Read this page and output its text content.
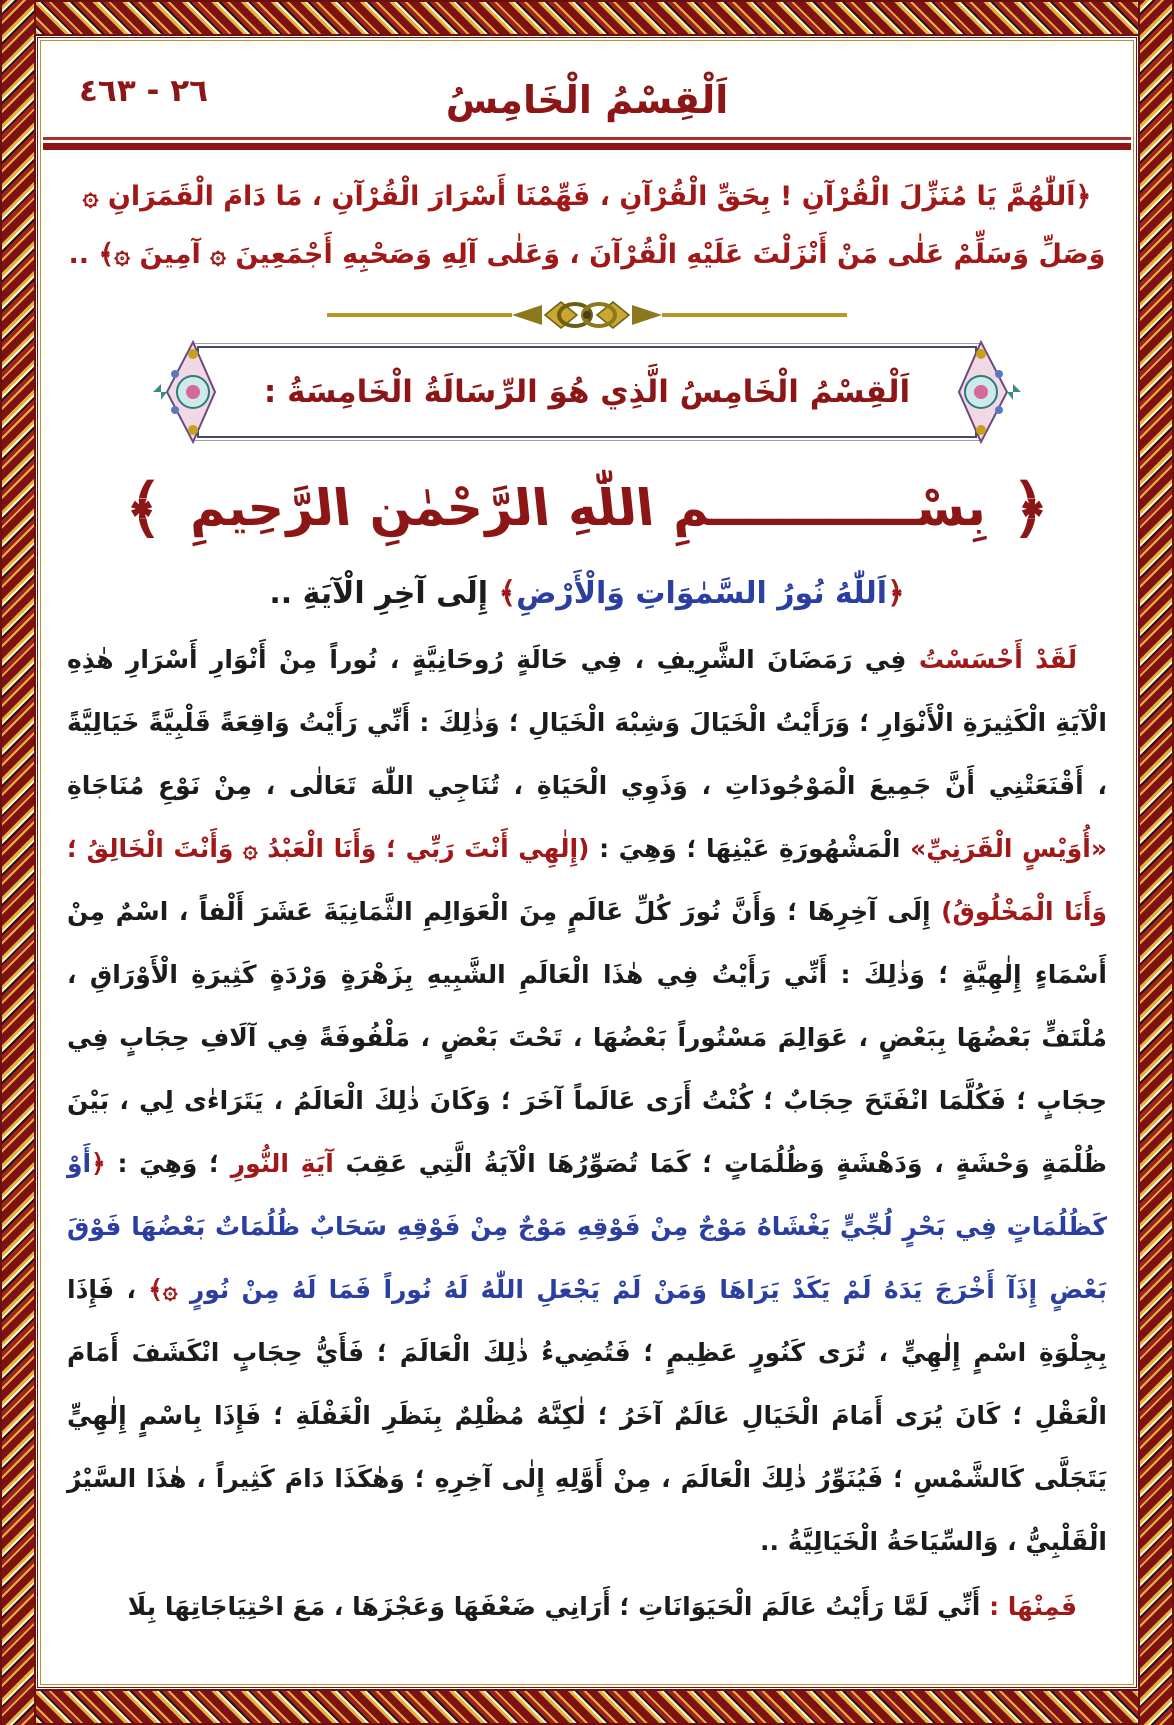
٢٦ - ٤٦٣	اَلْقِسْمُ الْخَامِسُ
﴿اَللّٰهُمَّ يَا مُنَزِّلَ الْقُرْآنِ ! بِحَقِّ الْقُرْآنِ ، فَهِّمْنَا أَسْرَارَ الْقُرْآنِ ، مَا دَامَ الْقَمَرَانِ ۞
وَصَلِّ وَسَلِّمْ عَلٰى مَنْ أَنْزَلْتَ عَلَيْهِ الْقُرْآنَ ، وَعَلٰى آلِهِ وَصَحْبِهِ أَجْمَعِينَ ۞ آمِينَ ۞﴾ ..
اَلْقِسْمُ الْخَامِسُ الَّذِي هُوَ الرِّسَالَةُ الْخَامِسَةُ :
﴿
بِسْــــــــــــمِ اللّٰهِ الرَّحْمٰنِ الرَّحِيمِ
﴾
﴿اَللّٰهُ نُورُ السَّمٰوَاتِ وَالْأَرْضِ﴾ إِلَى آخِرِ الْآيَةِ ..

لَقَدْ أَحْسَسْتُ فِي رَمَضَانَ الشَّرِيفِ ، فِي حَالَةٍ رُوحَانِيَّةٍ ، نُوراً مِنْ أَنْوَارِ أَسْرَارِ هٰذِهِ الْآيَةِ الْكَثِيرَةِ الْأَنْوَارِ ؛ وَرَأَيْتُ الْخَيَالَ وَشِبْهَ الْخَيَالِ ؛ وَذٰلِكَ : أَنِّي رَأَيْتُ وَاقِعَةً قَلْبِيَّةً خَيَالِيَّةً ، أَقْنَعَتْنِي أَنَّ جَمِيعَ الْمَوْجُودَاتِ ، وَذَوِي الْحَيَاةِ ، تُنَاجِي اللّٰهَ تَعَالٰى ، مِنْ نَوْعِ مُنَاجَاةِ «أُوَيْسٍ الْقَرَنِيِّ» الْمَشْهُورَةِ عَيْنِهَا ؛ وَهِيَ : (إِلٰهِي أَنْتَ رَبِّي ؛ وَأَنَا الْعَبْدُ ۞ وَأَنْتَ الْخَالِقُ ؛ وَأَنَا الْمَخْلُوقُ) إِلَى آخِرِهَا ؛ وَأَنَّ نُورَ كُلِّ عَالَمٍ مِنَ الْعَوَالِمِ الثَّمَانِيَةَ عَشَرَ أَلْفاً ، اسْمٌ مِنْ أَسْمَاءٍ إِلٰهِيَّةٍ ؛ وَذٰلِكَ : أَنِّي رَأَيْتُ فِي هٰذَا الْعَالَمِ الشَّبِيهِ بِزَهْرَةٍ وَرْدَةٍ كَثِيرَةِ الْأَوْرَاقِ ، مُلْتَفٍّ بَعْضُهَا بِبَعْضٍ ، عَوَالِمَ مَسْتُوراً بَعْضُهَا ، تَحْتَ بَعْضٍ ، مَلْفُوفَةً فِي آلَافِ حِجَابٍ فِي حِجَابٍ ؛ فَكُلَّمَا انْفَتَحَ حِجَابٌ ؛ كُنْتُ أَرَى عَالَماً آخَرَ ؛ وَكَانَ ذٰلِكَ الْعَالَمُ ، يَتَرَاءٰى لِي ، بَيْنَ ظُلْمَةٍ وَحْشَةٍ ، وَدَهْشَةٍ وَظُلُمَاتٍ ؛ كَمَا تُصَوِّرُهَا الْآيَةُ الَّتِي عَقِبَ آيَةِ النُّورِ ؛ وَهِيَ : ﴿أَوْ كَظُلُمَاتٍ فِي بَحْرٍ لُجِّيٍّ يَغْشَاهُ مَوْجٌ مِنْ فَوْقِهِ مَوْجٌ مِنْ فَوْقِهِ سَحَابٌ ظُلُمَاتٌ بَعْضُهَا فَوْقَ بَعْضٍ إِذَآ أَخْرَجَ يَدَهُ لَمْ يَكَدْ يَرَاهَا وَمَنْ لَمْ يَجْعَلِ اللّٰهُ لَهُ نُوراً فَمَا لَهُ مِنْ نُورٍ ۞﴾ ، فَإِذَا بِجِلْوَةِ اسْمٍ إِلٰهِيٍّ ، تُرَى كَنُورٍ عَظِيمٍ ؛ فَتُضِيءُ ذٰلِكَ الْعَالَمَ ؛ فَأَيُّ حِجَابٍ انْكَشَفَ أَمَامَ الْعَقْلِ ؛ كَانَ يُرَى أَمَامَ الْخَيَالِ عَالَمٌ آخَرُ ؛ لٰكِنَّهُ مُظْلِمٌ بِنَظَرِ الْغَفْلَةِ ؛ فَإِذَا بِاسْمٍ إِلٰهِيٍّ يَتَجَلَّى كَالشَّمْسِ ؛ فَيُنَوِّرُ ذٰلِكَ الْعَالَمَ ، مِنْ أَوَّلِهِ إِلٰى آخِرِهِ ؛ وَهٰكَذَا دَامَ كَثِيراً ، هٰذَا السَّيْرُ الْقَلْبِيُّ ، وَالسِّيَاحَةُ الْخَيَالِيَّةُ ..

فَمِنْهَا : أَنِّي لَمَّا رَأَيْتُ عَالَمَ الْحَيَوَانَاتِ ؛ أَرَانِي ضَعْفَهَا وَعَجْزَهَا ، مَعَ احْتِيَاجَاتِهَا بِلَا
